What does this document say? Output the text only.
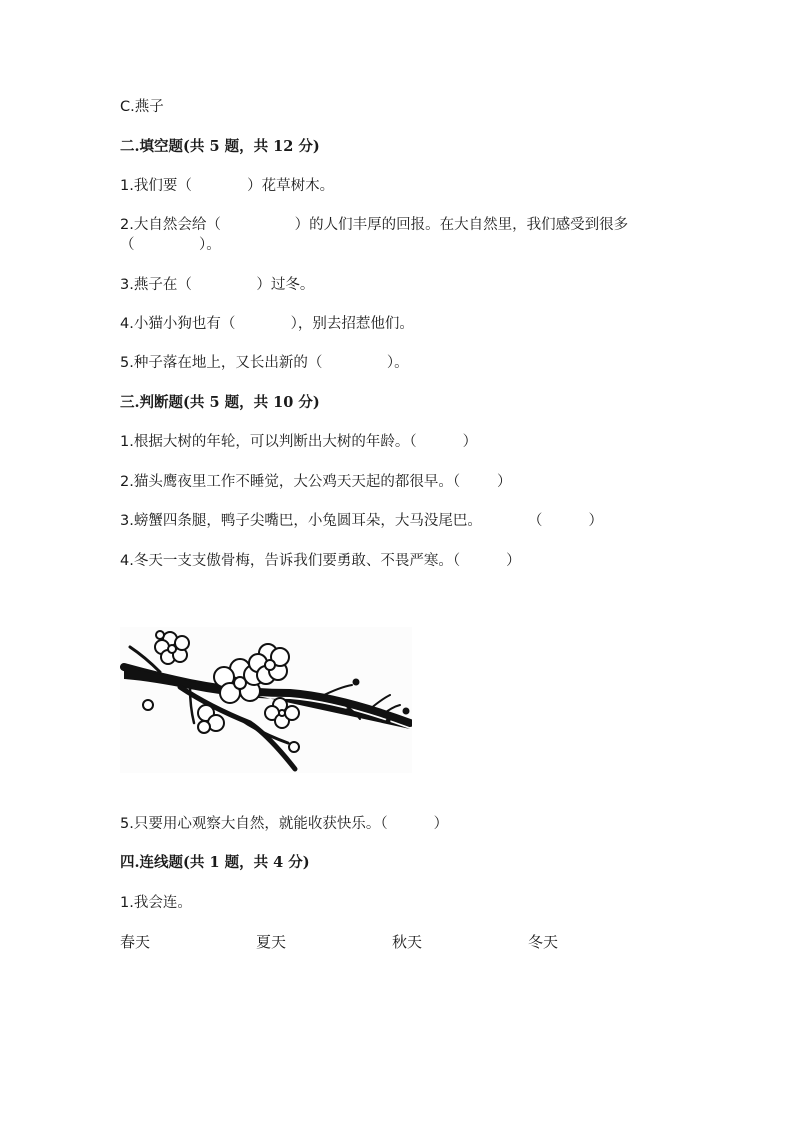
C.燕子
二.填空题(共 5 题，共 12 分)
1.我们要（            ）花草树木。
2.大自然会给（                ）的人们丰厚的回报。在大自然里，我们感受到很多
（              ）。
3.燕子在（              ）过冬。
4.小猫小狗也有（            ），别去招惹他们。
5.种子落在地上，又长出新的（              ）。
三.判断题(共 5 题，共 10 分)
1.根据大树的年轮，可以判断出大树的年龄。（          ）
2.猫头鹰夜里工作不睡觉，大公鸡天天起的都很早。（        ）
3.螃蟹四条腿，鸭子尖嘴巴，小兔圆耳朵，大马没尾巴。          （          ）
4.冬天一支支傲骨梅，告诉我们要勇敢、不畏严寒。（          ）
5.只要用心观察大自然，就能收获快乐。（          ）
四.连线题(共 1 题，共 4 分)
1.我会连。
春天	夏天	秋天	冬天
